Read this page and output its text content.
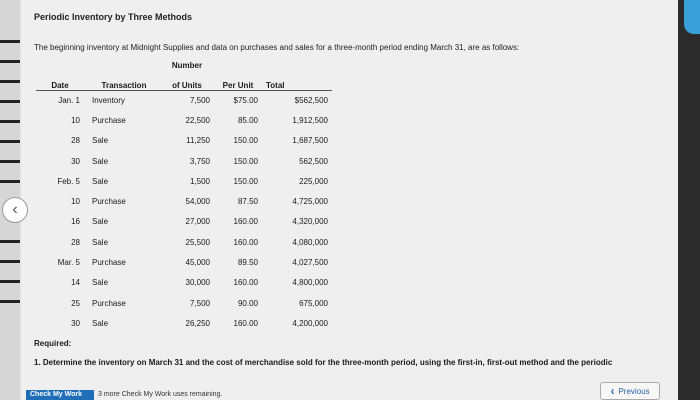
Periodic Inventory by Three Methods
The beginning inventory at Midnight Supplies and data on purchases and sales for a three-month period ending March 31, are as follows:
		Number		
Date	Transaction	of Units	Per Unit	Total
Jan. 1	Inventory	7,500	$75.00	$562,500
10	Purchase	22,500	85.00	1,912,500
28	Sale	11,250	150.00	1,687,500
30	Sale	3,750	150.00	562,500
Feb. 5	Sale	1,500	150.00	225,000
10	Purchase	54,000	87.50	4,725,000
16	Sale	27,000	160.00	4,320,000
28	Sale	25,500	160.00	4,080,000
Mar. 5	Purchase	45,000	89.50	4,027,500
14	Sale	30,000	160.00	4,800,000
25	Purchase	7,500	90.00	675,000
30	Sale	26,250	160.00	4,200,000
Required:
1. Determine the inventory on March 31 and the cost of merchandise sold for the three-month period, using the first-in, first-out method and the periodic
Check My Work	3 more Check My Work uses remaining.	‹ Previous
‹
